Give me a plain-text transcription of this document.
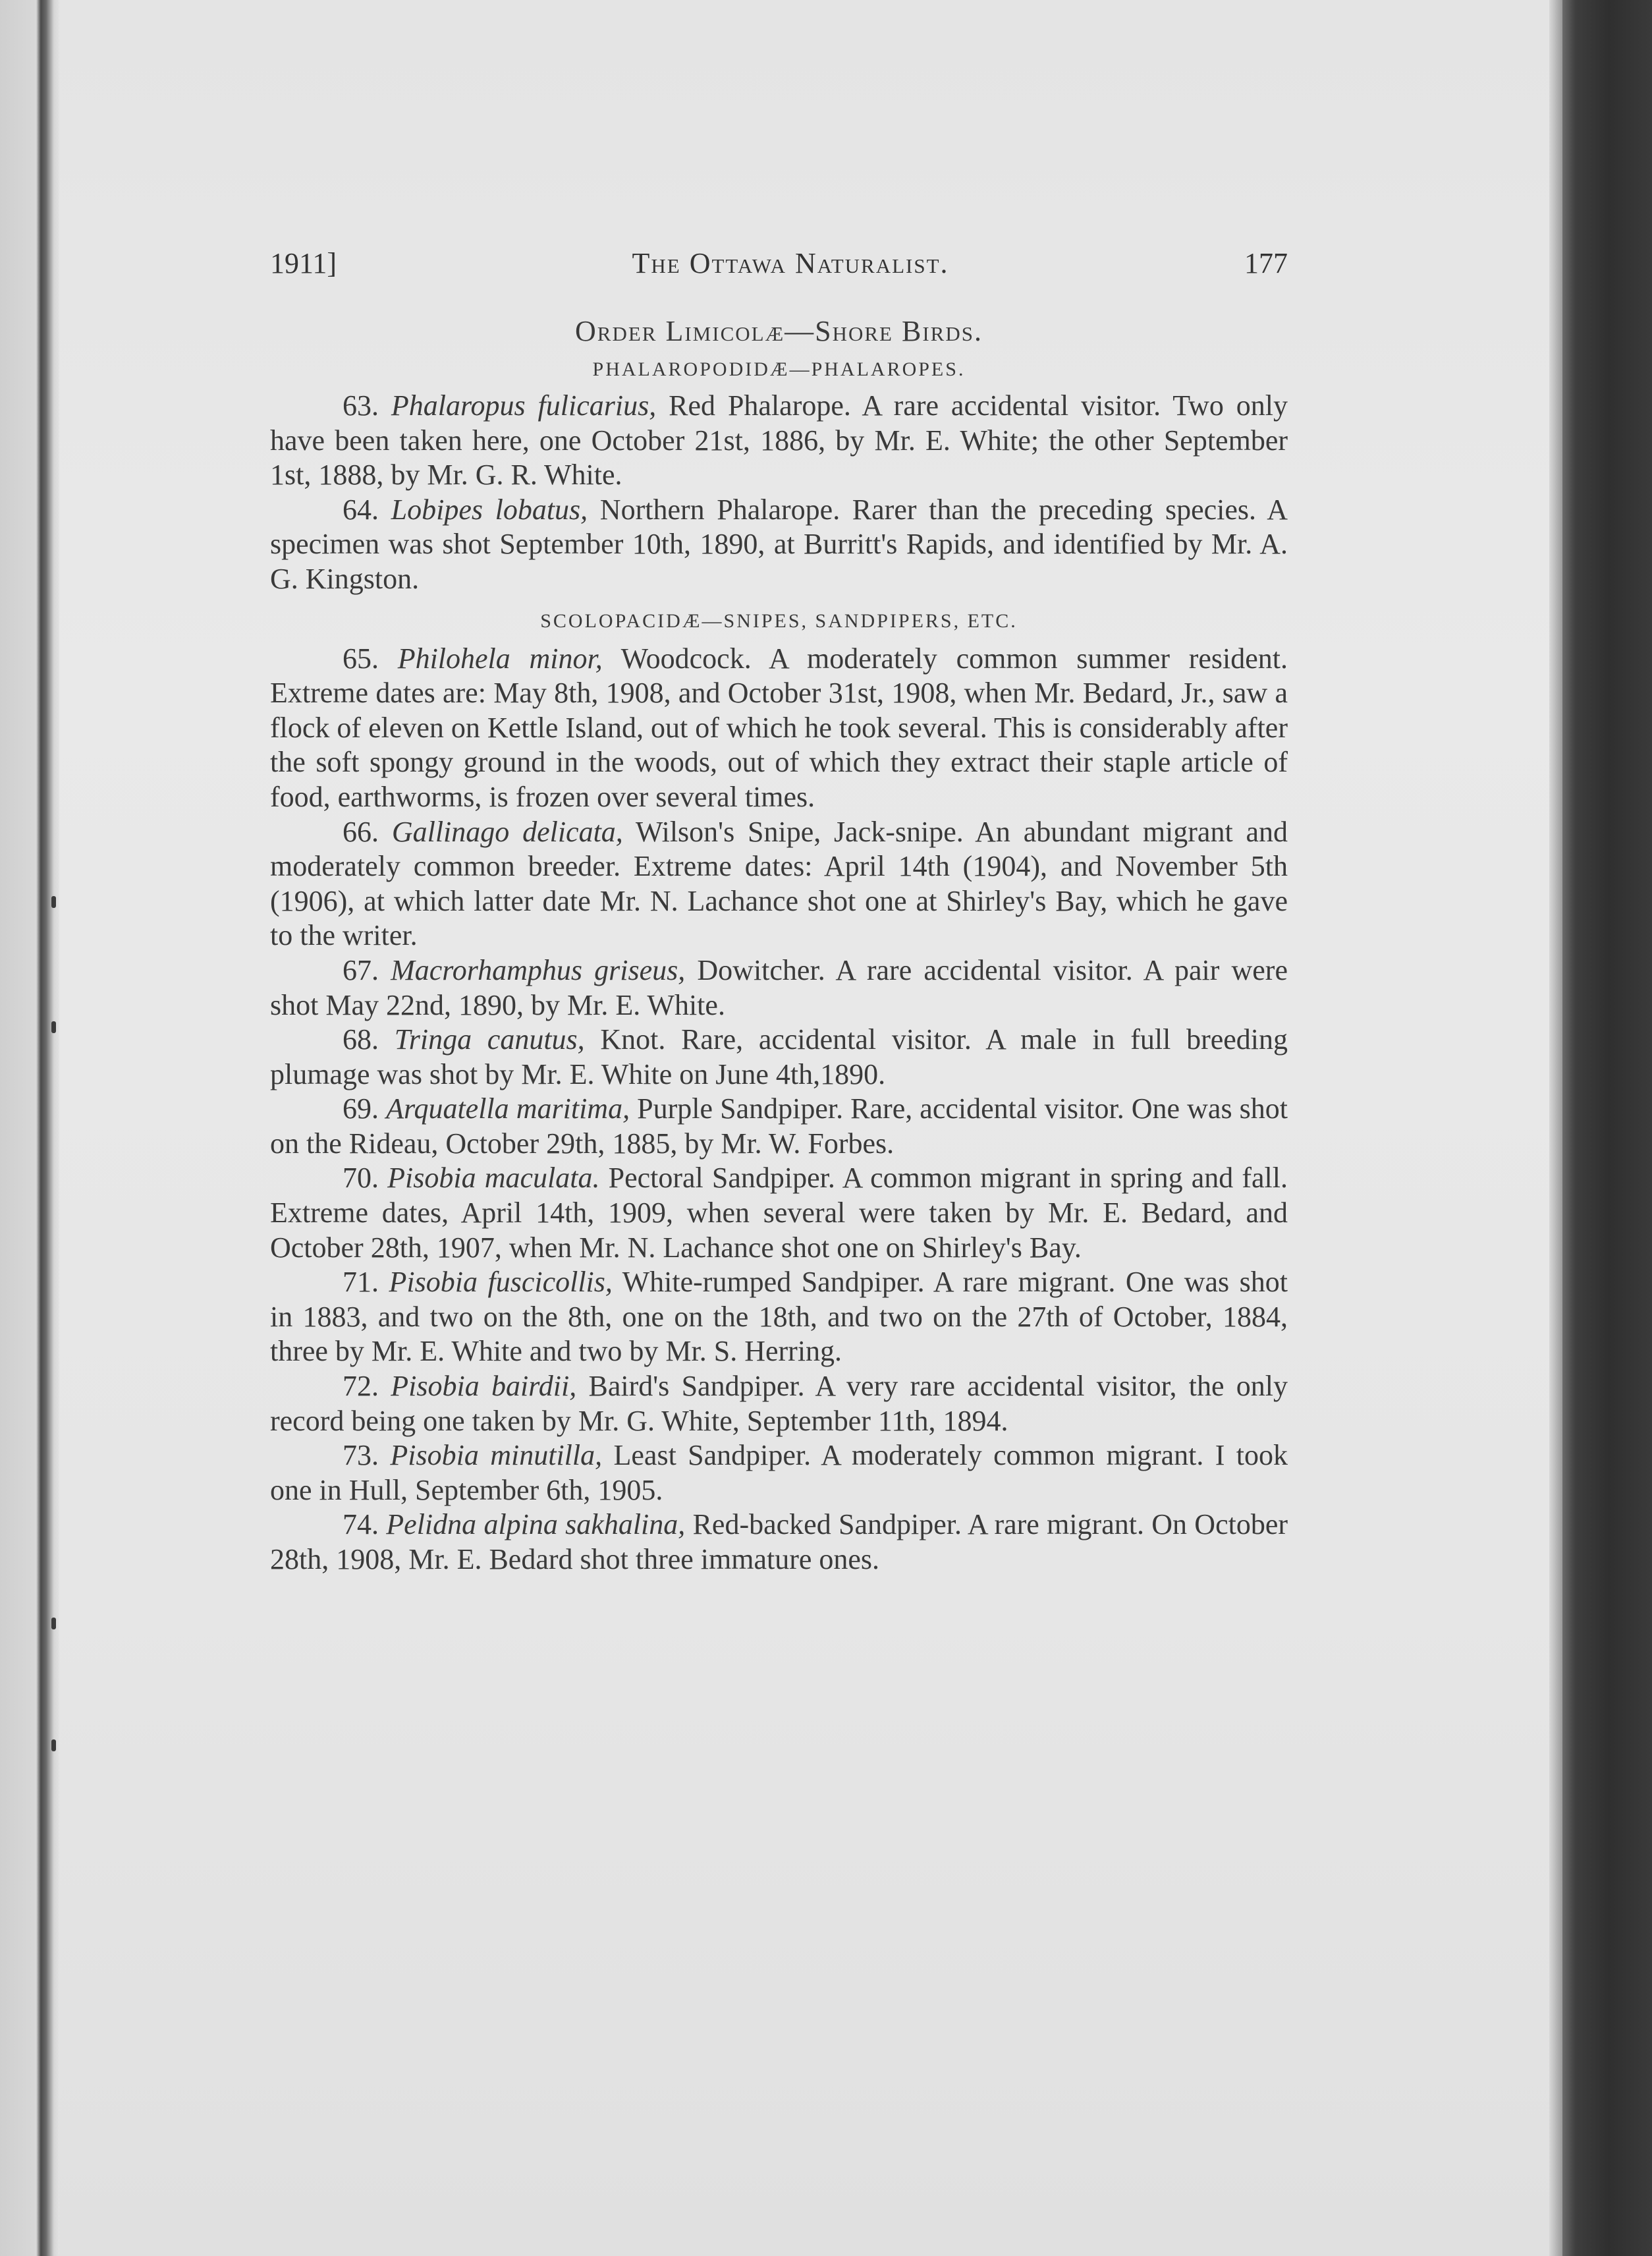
1911]	The Ottawa Naturalist.	177
Order Limicolæ—Shore Birds.
PHALAROPODIDÆ—PHALAROPES.

63. Phalaropus fulicarius, Red Phalarope. A rare accidental visitor. Two only have been taken here, one October 21st, 1886, by Mr. E. White; the other September 1st, 1888, by Mr. G. R. White.

64. Lobipes lobatus, Northern Phalarope. Rarer than the preceding species. A specimen was shot September 10th, 1890, at Burritt's Rapids, and identified by Mr. A. G. Kingston.

SCOLOPACIDÆ—SNIPES, SANDPIPERS, ETC.

65. Philohela minor, Woodcock. A moderately common summer resident. Extreme dates are: May 8th, 1908, and October 31st, 1908, when Mr. Bedard, Jr., saw a flock of eleven on Kettle Island, out of which he took several. This is considerably after the soft spongy ground in the woods, out of which they extract their staple article of food, earthworms, is frozen over several times.

66. Gallinago delicata, Wilson's Snipe, Jack-snipe. An abundant migrant and moderately common breeder. Extreme dates: April 14th (1904), and November 5th (1906), at which latter date Mr. N. Lachance shot one at Shirley's Bay, which he gave to the writer.

67. Macrorhamphus griseus, Dowitcher. A rare accidental visitor. A pair were shot May 22nd, 1890, by Mr. E. White.

68. Tringa canutus, Knot. Rare, accidental visitor. A male in full breeding plumage was shot by Mr. E. White on June 4th,1890.

69. Arquatella maritima, Purple Sandpiper. Rare, accidental visitor. One was shot on the Rideau, October 29th, 1885, by Mr. W. Forbes.

70. Pisobia maculata. Pectoral Sandpiper. A common migrant in spring and fall. Extreme dates, April 14th, 1909, when several were taken by Mr. E. Bedard, and October 28th, 1907, when Mr. N. Lachance shot one on Shirley's Bay.

71. Pisobia fuscicollis, White-rumped Sandpiper. A rare migrant. One was shot in 1883, and two on the 8th, one on the 18th, and two on the 27th of October, 1884, three by Mr. E. White and two by Mr. S. Herring.

72. Pisobia bairdii, Baird's Sandpiper. A very rare accidental visitor, the only record being one taken by Mr. G. White, September 11th, 1894.

73. Pisobia minutilla, Least Sandpiper. A moderately common migrant. I took one in Hull, September 6th, 1905.

74. Pelidna alpina sakhalina, Red-backed Sandpiper. A rare migrant. On October 28th, 1908, Mr. E. Bedard shot three immature ones.
